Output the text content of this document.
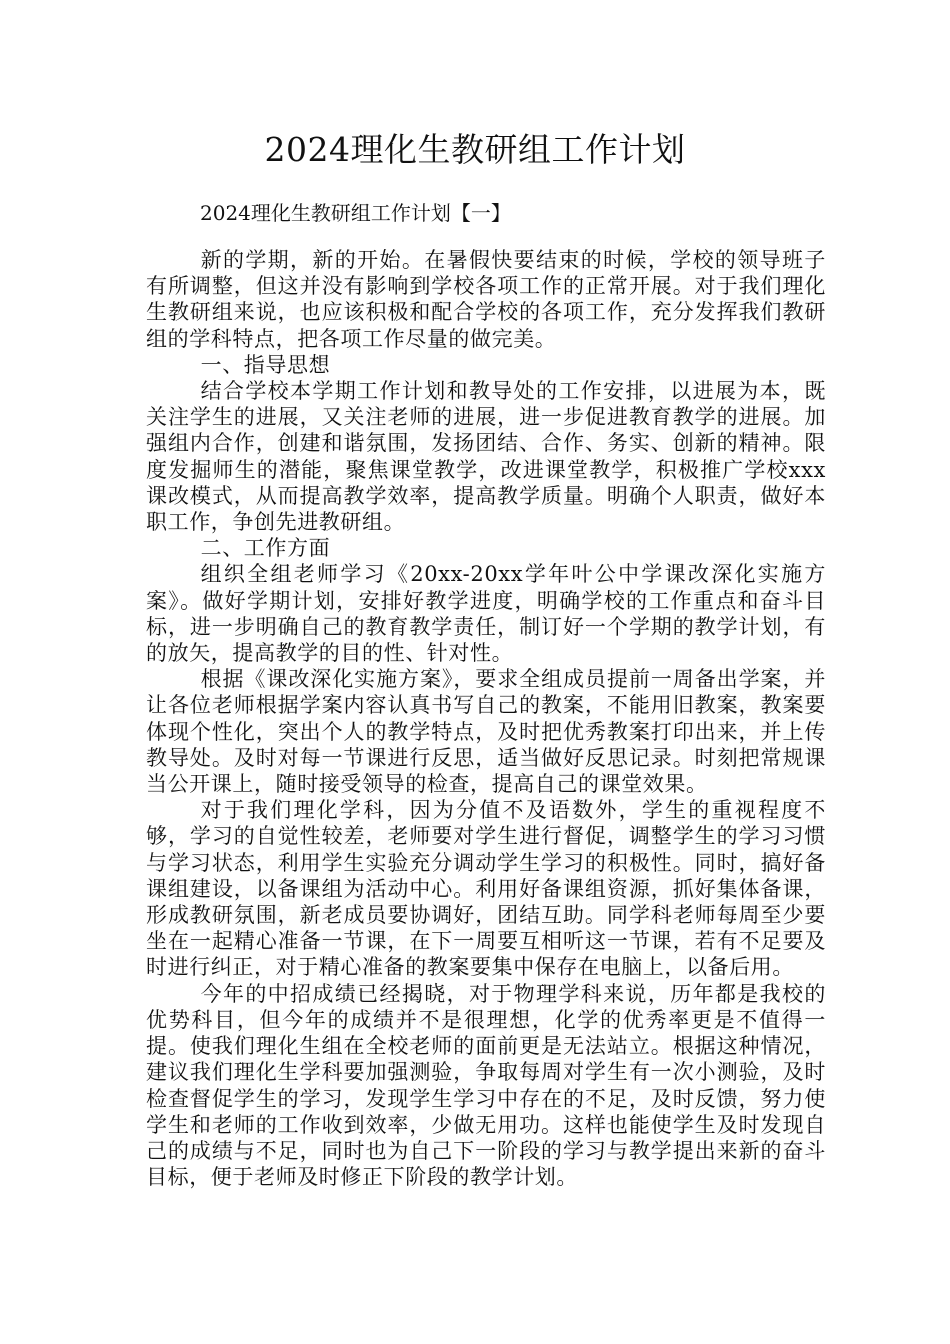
2024理化生教研组工作计划
2024理化生教研组工作计划【一】

新的学期，新的开始。在暑假快要结束的时候，学校的领导班子有所调整，但这并没有影响到学校各项工作的正常开展。对于我们理化生教研组来说，也应该积极和配合学校的各项工作，充分发挥我们教研组的学科特点，把各项工作尽量的做完美。

一、指导思想

结合学校本学期工作计划和教导处的工作安排，以进展为本，既关注学生的进展，又关注老师的进展，进一步促进教育教学的进展。加强组内合作，创建和谐氛围，发扬团结、合作、务实、创新的精神。限度发掘师生的潜能，聚焦课堂教学，改进课堂教学，积极推广学校xxx课改模式，从而提高教学效率，提高教学质量。明确个人职责，做好本职工作，争创先进教研组。

二、工作方面

组织全组老师学习《20xx-20xx学年叶公中学课改深化实施方案》。做好学期计划，安排好教学进度，明确学校的工作重点和奋斗目标，进一步明确自己的教育教学责任，制订好一个学期的教学计划，有的放矢，提高教学的目的性、针对性。

根据《课改深化实施方案》，要求全组成员提前一周备出学案，并让各位老师根据学案内容认真书写自己的教案，不能用旧教案，教案要体现个性化，突出个人的教学特点，及时把优秀教案打印出来，并上传教导处。及时对每一节课进行反思，适当做好反思记录。时刻把常规课当公开课上，随时接受领导的检查，提高自己的课堂效果。

对于我们理化学科，因为分值不及语数外，学生的重视程度不够，学习的自觉性较差，老师要对学生进行督促，调整学生的学习习惯与学习状态，利用学生实验充分调动学生学习的积极性。同时，搞好备课组建设，以备课组为活动中心。利用好备课组资源，抓好集体备课，形成教研氛围，新老成员要协调好，团结互助。同学科老师每周至少要坐在一起精心准备一节课，在下一周要互相听这一节课，若有不足要及时进行纠正，对于精心准备的教案要集中保存在电脑上，以备后用。

今年的中招成绩已经揭晓，对于物理学科来说，历年都是我校的优势科目，但今年的成绩并不是很理想，化学的优秀率更是不值得一提。使我们理化生组在全校老师的面前更是无法站立。根据这种情况，建议我们理化生学科要加强测验，争取每周对学生有一次小测验，及时检查督促学生的学习，发现学生学习中存在的不足，及时反馈，努力使学生和老师的工作收到效率，少做无用功。这样也能使学生及时发现自己的成绩与不足，同时也为自己下一阶段的学习与教学提出来新的奋斗目标，便于老师及时修正下阶段的教学计划。
